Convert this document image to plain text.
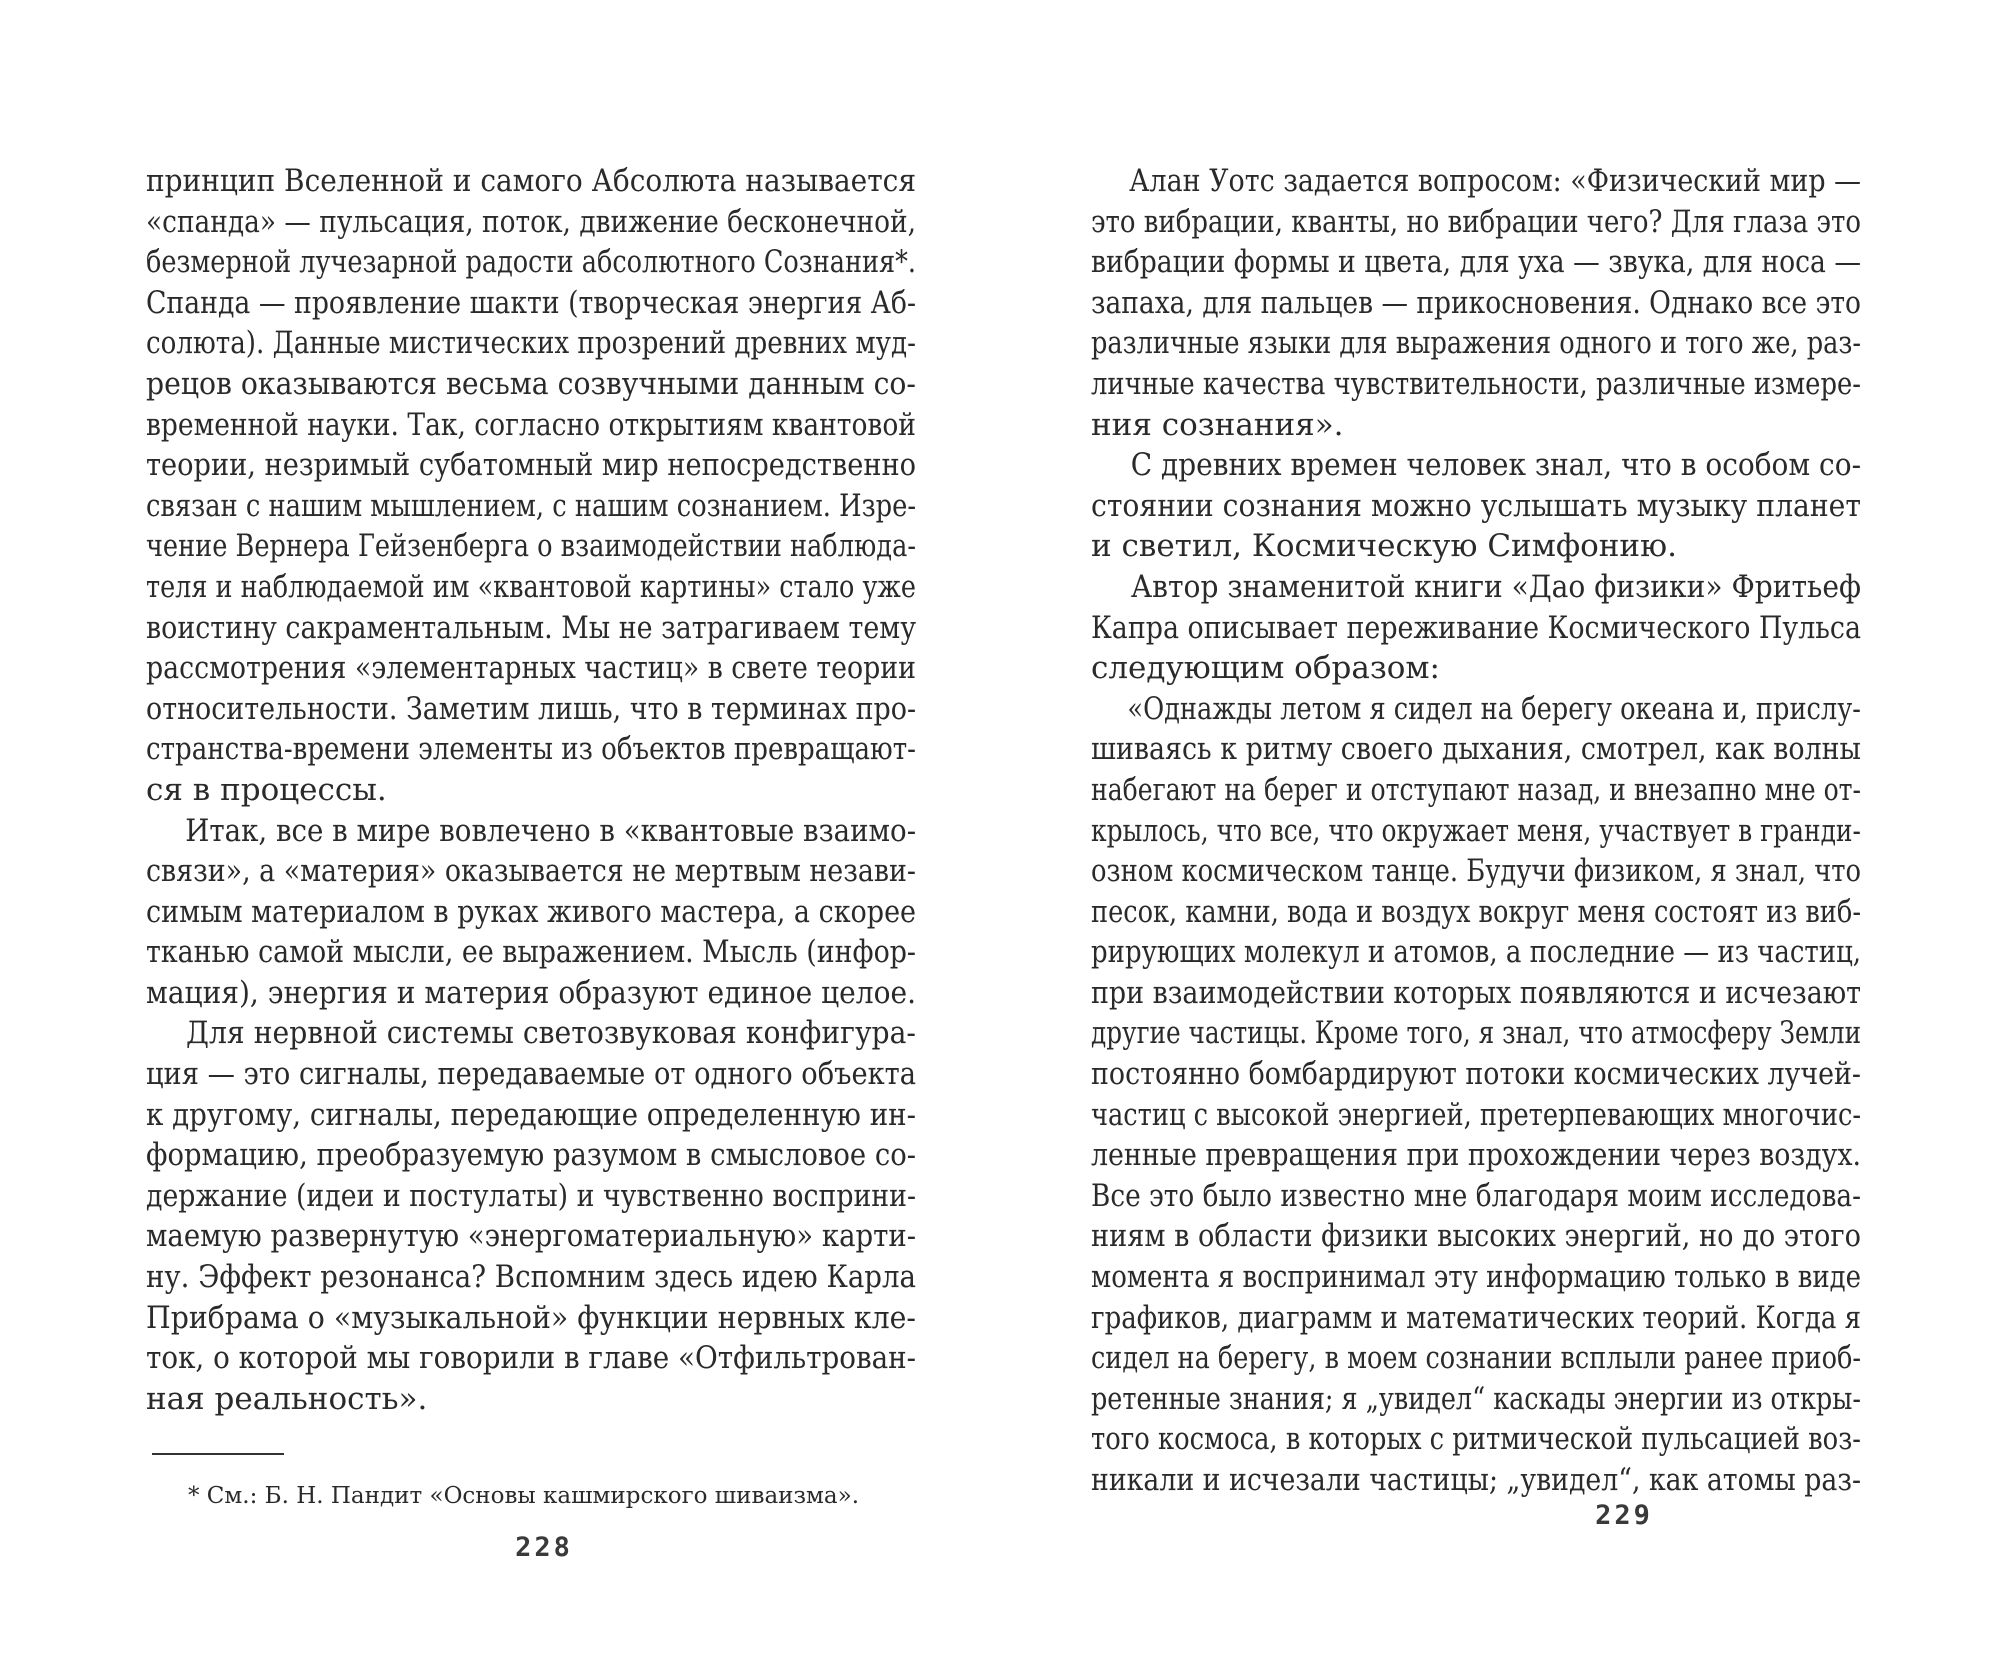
принцип Вселенной и самого Абсолюта называется
«спанда» — пульсация, поток, движение бесконечной,
безмерной лучезарной радости абсолютного Сознания*.
Спанда — проявление шакти (творческая энергия Аб-
солюта). Данные мистических прозрений древних муд-
рецов оказываются весьма созвучными данным со-
временной науки. Так, согласно открытиям квантовой
теории, незримый субатомный мир непосредственно
связан с нашим мышлением, с нашим сознанием. Изре-
чение Вернера Гейзенберга о взаимодействии наблюда-
теля и наблюдаемой им «квантовой картины» стало уже
воистину сакраментальным. Мы не затрагиваем тему
рассмотрения «элементарных частиц» в свете теории
относительности. Заметим лишь, что в терминах про-
странства-времени элементы из объектов превращают-
ся в процессы.
Итак, все в мире вовлечено в «квантовые взаимо-
связи», а «материя» оказывается не мертвым незави-
симым материалом в руках живого мастера, а скорее
тканью самой мысли, ее выражением. Мысль (инфор-
мация), энергия и материя образуют единое целое.
Для нервной системы светозвуковая конфигура-
ция — это сигналы, передаваемые от одного объекта
к другому, сигналы, передающие определенную ин-
формацию, преобразуемую разумом в смысловое со-
держание (идеи и постулаты) и чувственно восприни-
маемую развернутую «энергоматериальную» карти-
ну. Эффект резонанса? Вспомним здесь идею Карла
Прибрама о «музыкальной» функции нервных кле-
ток, о которой мы говорили в главе «Отфильтрован-
ная реальность».
* См.: Б. Н. Пандит «Основы кашмирского шиваизма».
228
Алан Уотс задается вопросом: «Физический мир —
это вибрации, кванты, но вибрации чего? Для глаза это
вибрации формы и цвета, для уха — звука, для носа —
запаха, для пальцев — прикосновения. Однако все это
различные языки для выражения одного и того же, раз-
личные качества чувствительности, различные измере-
ния сознания».
С древних времен человек знал, что в особом со-
стоянии сознания можно услышать музыку планет
и светил, Космическую Симфонию.
Автор знаменитой книги «Дао физики» Фритьеф
Капра описывает переживание Космического Пульса
следующим образом:
«Однажды летом я сидел на берегу океана и, прислу-
шиваясь к ритму своего дыхания, смотрел, как волны
набегают на берег и отступают назад, и внезапно мне от-
крылось, что все, что окружает меня, участвует в гранди-
озном космическом танце. Будучи физиком, я знал, что
песок, камни, вода и воздух вокруг меня состоят из виб-
рирующих молекул и атомов, а последние — из частиц,
при взаимодействии которых появляются и исчезают
другие частицы. Кроме того, я знал, что атмосферу Земли
постоянно бомбардируют потоки космических лучей-
частиц с высокой энергией, претерпевающих многочис-
ленные превращения при прохождении через воздух.
Все это было известно мне благодаря моим исследова-
ниям в области физики высоких энергий, но до этого
момента я воспринимал эту информацию только в виде
графиков, диаграмм и математических теорий. Когда я
сидел на берегу, в моем сознании всплыли ранее приоб-
ретенные знания; я „увидел“ каскады энергии из откры-
того космоса, в которых с ритмической пульсацией воз-
никали и исчезали частицы; „увидел“, как атомы раз-
229
